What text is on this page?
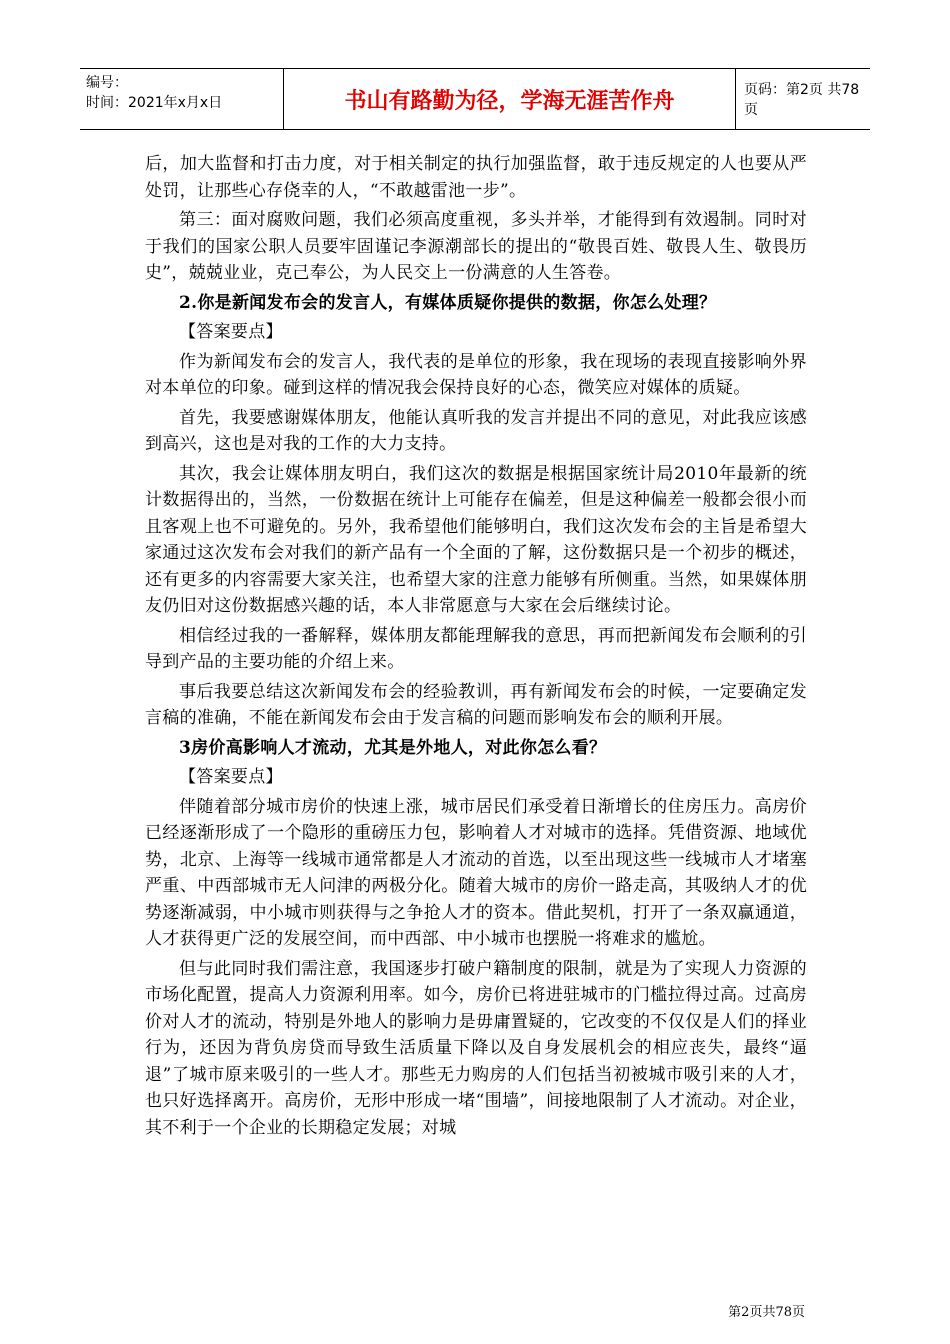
编号：
时间：2021年x月x日	书山有路勤为径，学海无涯苦作舟	页码：第2页 共78页

后，加大监督和打击力度，对于相关制定的执行加强监督，敢于违反规定的人也要从严处罚，让那些心存侥幸的人，“不敢越雷池一步”。

第三：面对腐败问题，我们必须高度重视，多头并举，才能得到有效遏制。同时对于我们的国家公职人员要牢固谨记李源潮部长的提出的“敬畏百姓、敬畏人生、敬畏历史”，兢兢业业，克己奉公，为人民交上一份满意的人生答卷。

2.你是新闻发布会的发言人，有媒体质疑你提供的数据，你怎么处理？

【答案要点】

作为新闻发布会的发言人，我代表的是单位的形象，我在现场的表现直接影响外界对本单位的印象。碰到这样的情况我会保持良好的心态，微笑应对媒体的质疑。

首先，我要感谢媒体朋友，他能认真听我的发言并提出不同的意见，对此我应该感到高兴，这也是对我的工作的大力支持。

其次，我会让媒体朋友明白，我们这次的数据是根据国家统计局2010年最新的统计数据得出的，当然，一份数据在统计上可能存在偏差，但是这种偏差一般都会很小而且客观上也不可避免的。另外，我希望他们能够明白，我们这次发布会的主旨是希望大家通过这次发布会对我们的新产品有一个全面的了解，这份数据只是一个初步的概述，还有更多的内容需要大家关注，也希望大家的注意力能够有所侧重。当然，如果媒体朋友仍旧对这份数据感兴趣的话，本人非常愿意与大家在会后继续讨论。

相信经过我的一番解释，媒体朋友都能理解我的意思，再而把新闻发布会顺利的引导到产品的主要功能的介绍上来。

事后我要总结这次新闻发布会的经验教训，再有新闻发布会的时候，一定要确定发言稿的准确，不能在新闻发布会由于发言稿的问题而影响发布会的顺利开展。

3房价高影响人才流动，尤其是外地人，对此你怎么看？

【答案要点】

伴随着部分城市房价的快速上涨，城市居民们承受着日渐增长的住房压力。高房价已经逐渐形成了一个隐形的重磅压力包，影响着人才对城市的选择。凭借资源、地域优势，北京、上海等一线城市通常都是人才流动的首选，以至出现这些一线城市人才堵塞严重、中西部城市无人问津的两极分化。随着大城市的房价一路走高，其吸纳人才的优势逐渐减弱，中小城市则获得与之争抢人才的资本。借此契机，打开了一条双赢通道，人才获得更广泛的发展空间，而中西部、中小城市也摆脱一将难求的尴尬。

但与此同时我们需注意，我国逐步打破户籍制度的限制，就是为了实现人力资源的市场化配置，提高人力资源利用率。如今，房价已将进驻城市的门槛拉得过高。过高房价对人才的流动，特别是外地人的影响力是毋庸置疑的，它改变的不仅仅是人们的择业行为，还因为背负房贷而导致生活质量下降以及自身发展机会的相应丧失，最终“逼退”了城市原来吸引的一些人才。那些无力购房的人们包括当初被城市吸引来的人才，也只好选择离开。高房价，无形中形成一堵“围墙”，间接地限制了人才流动。对企业，其不利于一个企业的长期稳定发展；对城

第2页共78页
